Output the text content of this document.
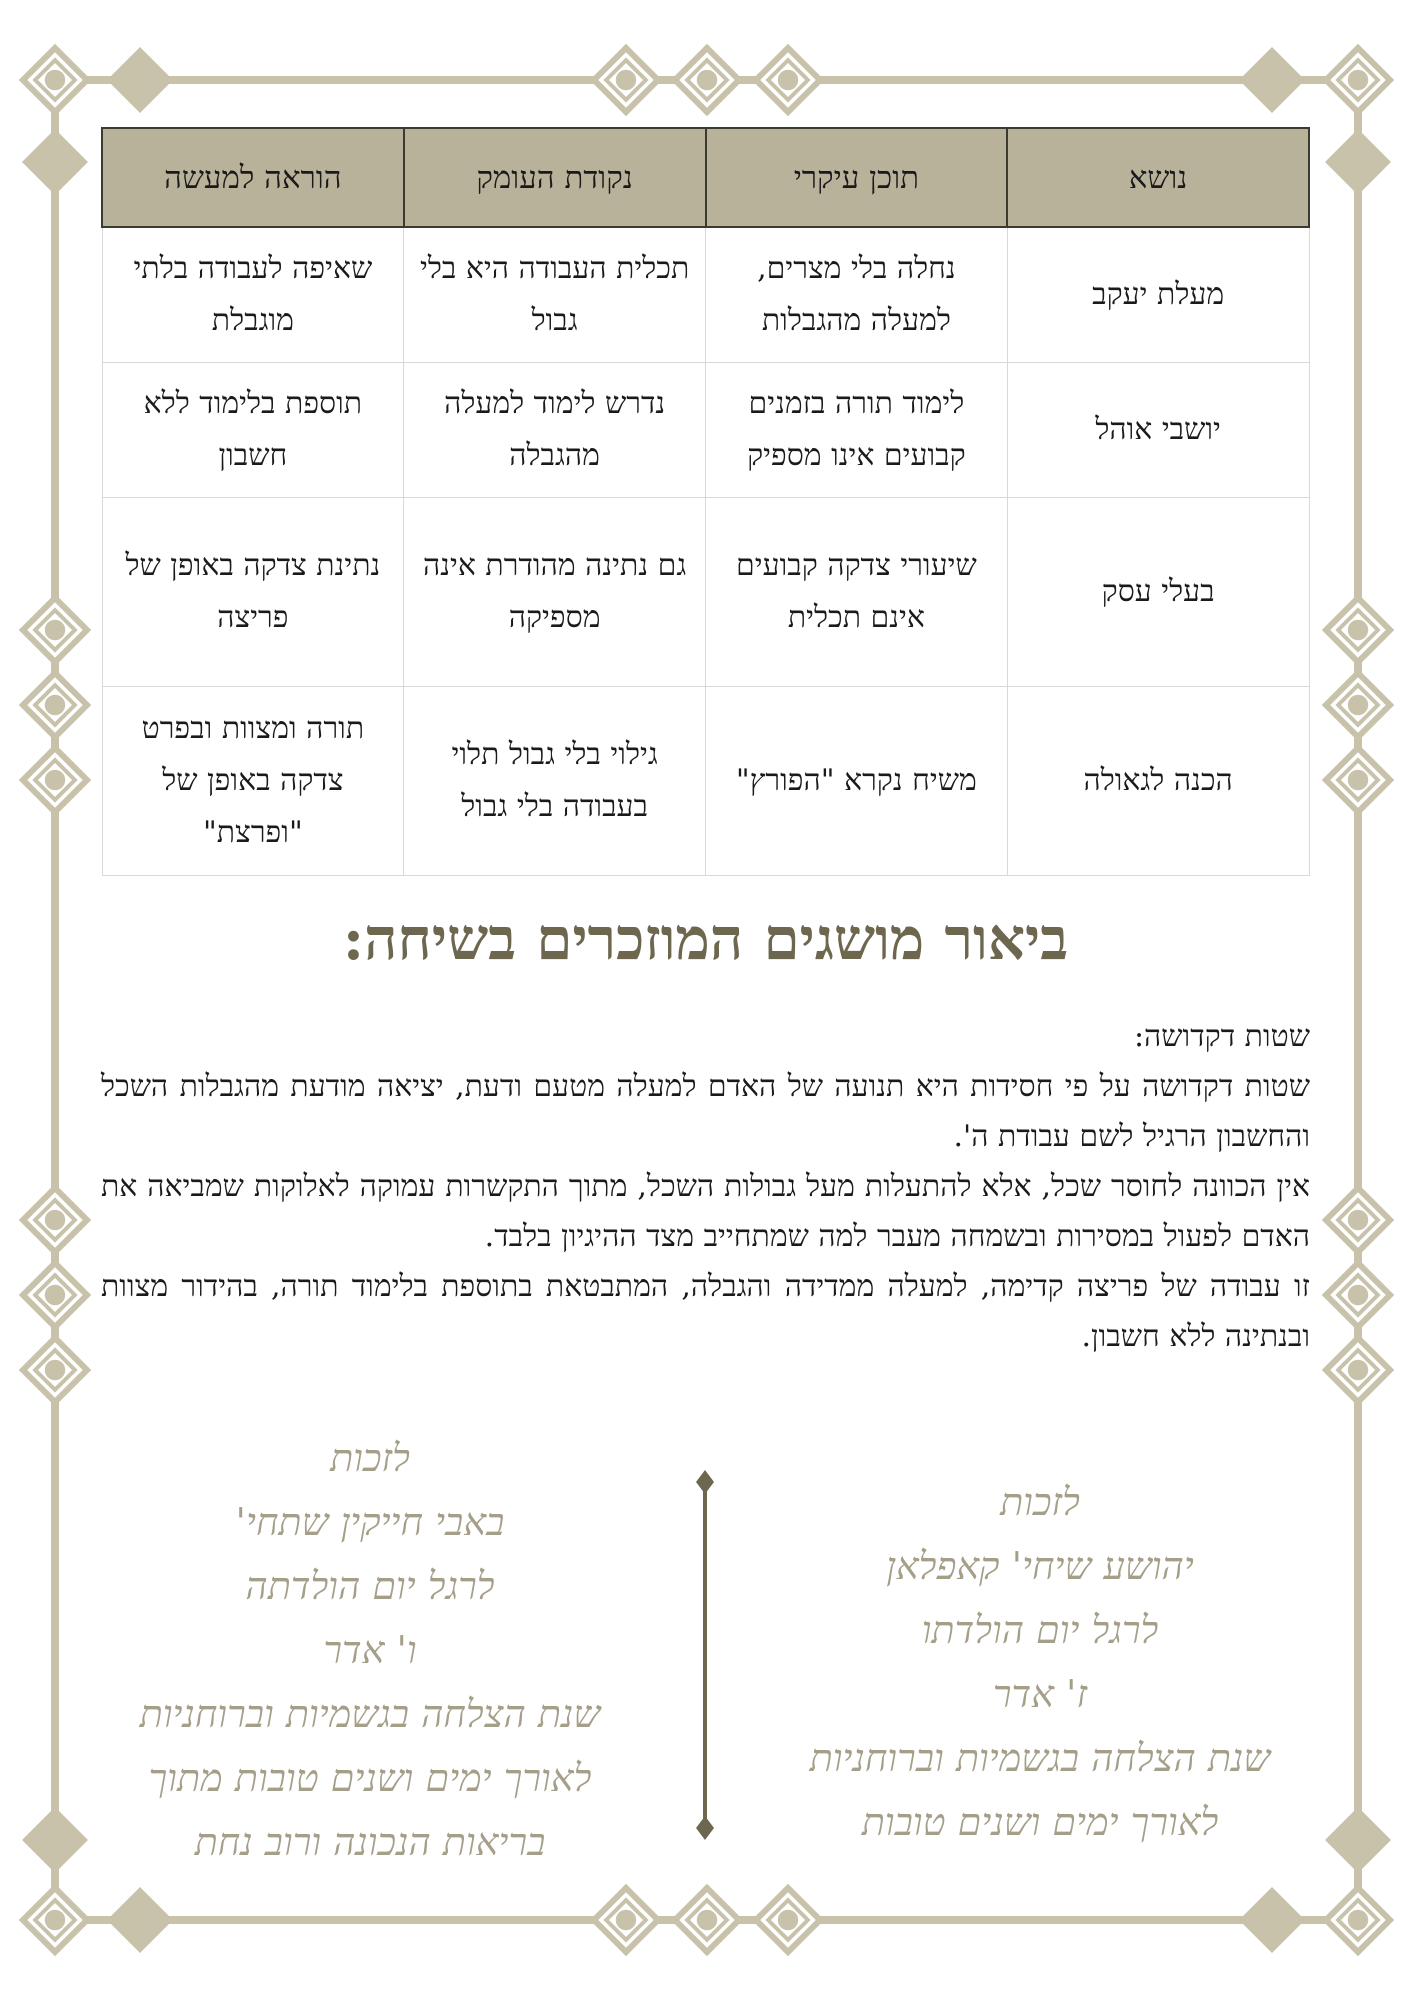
נושא	תוכן עיקרי	נקודת העומק	הוראה למעשה
מעלת יעקב	נחלה בלי מצרים, למעלה מהגבלות	תכלית העבודה היא בלי גבול	שאיפה לעבודה בלתי מוגבלת
יושבי אוהל	לימוד תורה בזמנים קבועים אינו מספיק	נדרש לימוד למעלה מהגבלה	תוספת בלימוד ללא חשבון
בעלי עסק	שיעורי צדקה קבועים אינם תכלית	גם נתינה מהודרת אינה מספיקה	נתינת צדקה באופן של פריצה
הכנה לגאולה	משיח נקרא "הפורץ"	גילוי בלי גבול תלוי בעבודה בלי גבול	תורה ומצוות ובפרט צדקה באופן של "ופרצת"
ביאור מושגים המוזכרים בשיחה:

שטות דקדושה:

שטות דקדושה על פי חסידות היא תנועה של האדם למעלה מטעם ודעת, יציאה מודעת מהגבלות השכל והחשבון הרגיל לשם עבודת ה'.

אין הכוונה לחוסר שכל, אלא להתעלות מעל גבולות השכל, מתוך התקשרות עמוקה לאלוקות שמביאה את האדם לפעול במסירות ובשמחה מעבר למה שמתחייב מצד ההיגיון בלבד.

זו עבודה של פריצה קדימה, למעלה ממדידה והגבלה, המתבטאת בתוספת בלימוד תורה, בהידור מצוות ובנתינה ללא חשבון.

לזכות
יהושע שיחי' קאפלאן
לרגל יום הולדתו
ז' אדר
שנת הצלחה בגשמיות וברוחניות
לאורך ימים ושנים טובות
לזכות
באבי חייקין שתחי'
לרגל יום הולדתה
ו' אדר
שנת הצלחה בגשמיות וברוחניות
לאורך ימים ושנים טובות מתוך
בריאות הנכונה ורוב נחת
